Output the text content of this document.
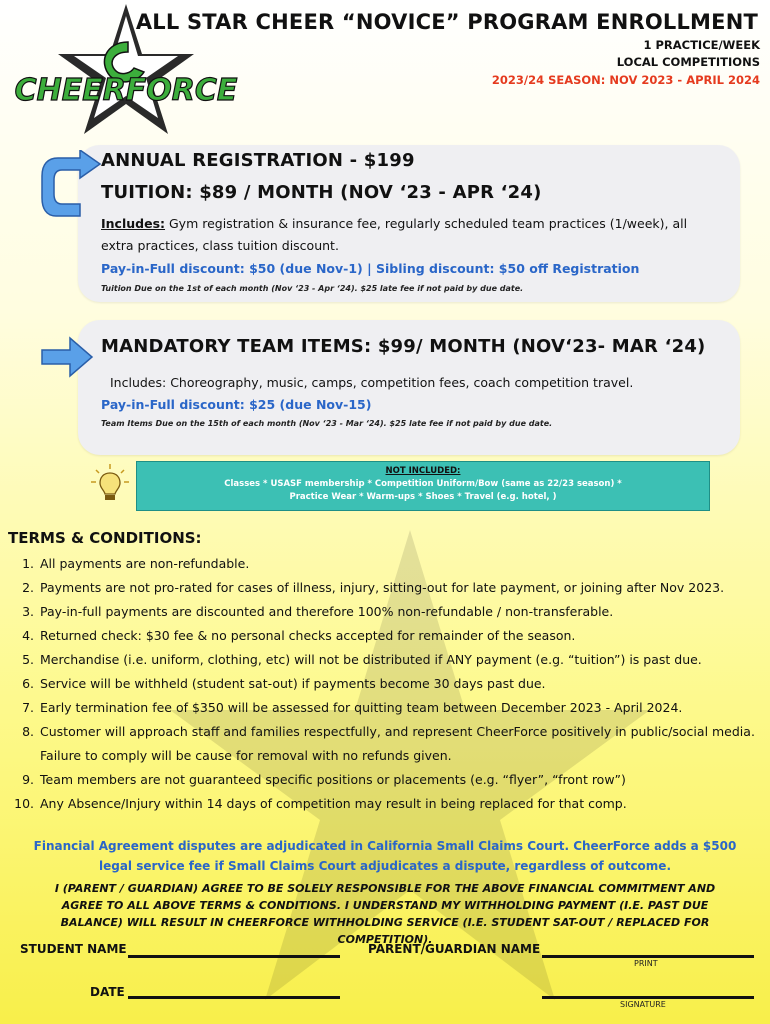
CHEERFORCE
ALL STAR CHEER “NOVICE” PROGRAM ENROLLMENT
1 PRACTICE/WEEK
LOCAL COMPETITIONS
2023/24 SEASON: NOV 2023 - APRIL 2024
ANNUAL REGISTRATION - $199
TUITION: $89 / MONTH (NOV ‘23 - APR ‘24)
Includes: Gym registration & insurance fee, regularly scheduled team practices (1/week), all
extra practices, class tuition discount.
Pay-in-Full discount: $50 (due Nov-1) | Sibling discount: $50 off Registration
Tuition Due on the 1st of each month (Nov ‘23 - Apr ‘24). $25 late fee if not paid by due date.
MANDATORY TEAM ITEMS: $99/ MONTH (NOV‘23- MAR ‘24)
Includes: Choreography, music, camps, competition fees, coach competition travel.
Pay-in-Full discount: $25 (due Nov-15)
Team Items Due on the 15th of each month (Nov ‘23 - Mar ‘24). $25 late fee if not paid by due date.
NOT INCLUDED:
Classes * USASF membership * Competition Uniform/Bow (same as 22/23 season) *
Practice Wear * Warm-ups * Shoes * Travel (e.g. hotel, )
TERMS & CONDITIONS:
1. All payments are non-refundable.
2. Payments are not pro-rated for cases of illness, injury, sitting-out for late payment, or joining after Nov 2023.
3. Pay-in-full payments are discounted and therefore 100% non-refundable / non-transferable.
4. Returned check: $30 fee & no personal checks accepted for remainder of the season.
5. Merchandise (i.e. uniform, clothing, etc) will not be distributed if ANY payment (e.g. “tuition”) is past due.
6. Service will be withheld (student sat-out) if payments become 30 days past due.
7. Early termination fee of $350 will be assessed for quitting team between December 2023 - April 2024.
8. Customer will approach staff and families respectfully, and represent CheerForce positively in public/social media. Failure to comply will be cause for removal with no refunds given.
9. Team members are not guaranteed specific positions or placements (e.g. “flyer”, “front row”)
10. Any Absence/Injury within 14 days of competition may result in being replaced for that comp.
Financial Agreement disputes are adjudicated in California Small Claims Court. CheerForce adds a $500 legal service fee if Small Claims Court adjudicates a dispute, regardless of outcome.
I (PARENT / GUARDIAN) AGREE TO BE SOLELY RESPONSIBLE FOR THE ABOVE FINANCIAL COMMITMENT AND AGREE TO ALL ABOVE TERMS & CONDITIONS. I UNDERSTAND MY WITHHOLDING PAYMENT (I.E. PAST DUE BALANCE) WILL RESULT IN CHEERFORCE WITHHOLDING SERVICE (I.E. STUDENT SAT-OUT / REPLACED FOR COMPETITION).
STUDENT NAME	PARENT/GUARDIAN NAME
PRINT
DATE
SIGNATURE
